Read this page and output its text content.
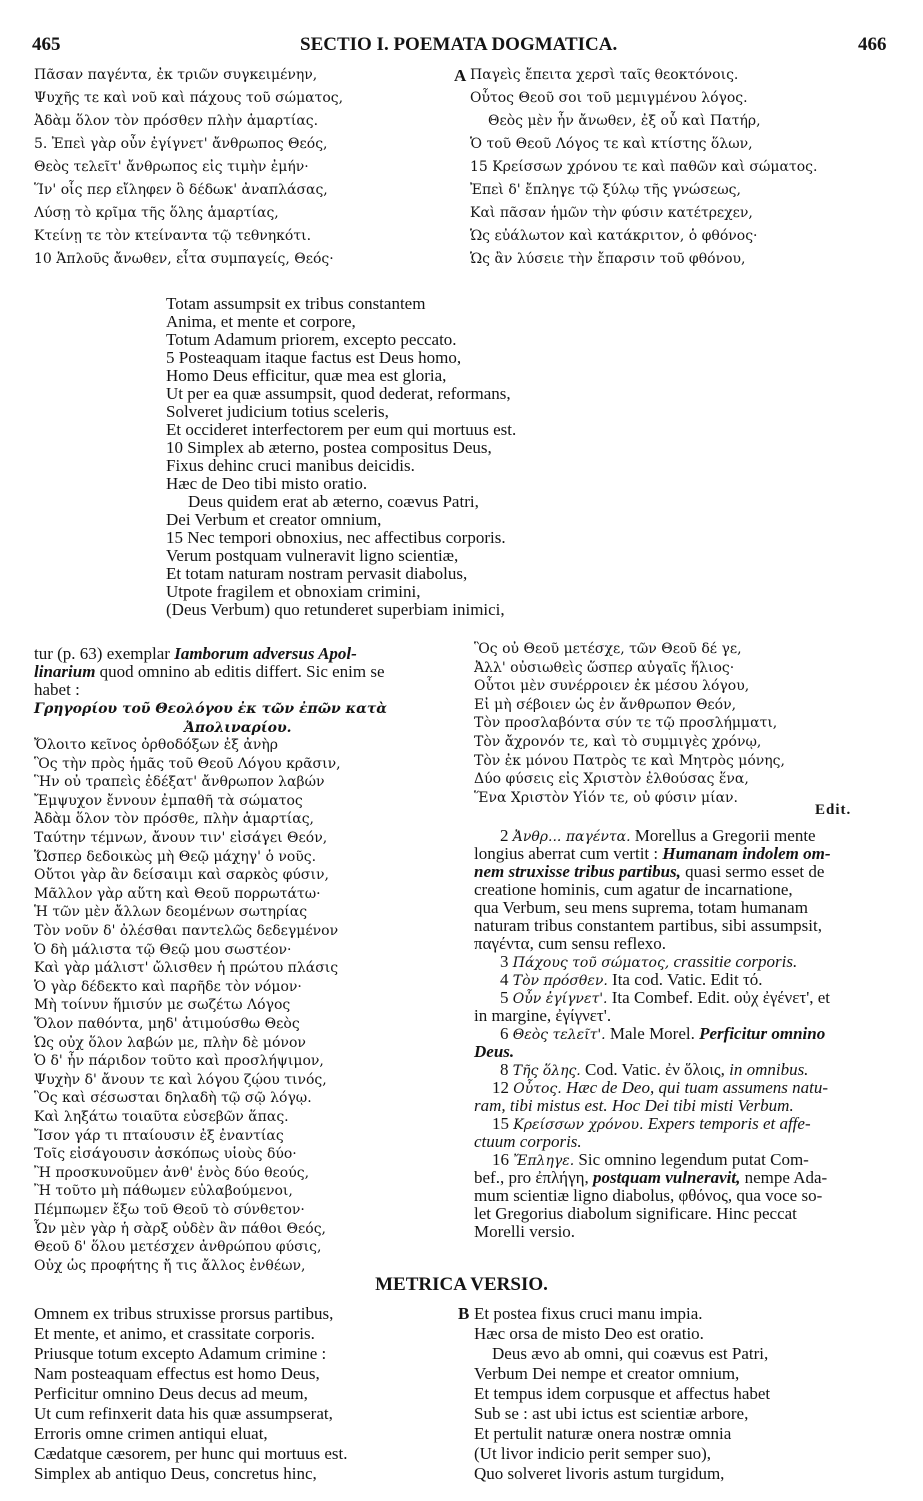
465	SECTIO I. POEMATA DOGMATICA.	466
Πᾶσαν παγέντα, ἐκ τριῶν συγκειμένην,
Ψυχῆς τε καὶ νοῦ καὶ πάχους τοῦ σώματος,
Ἀδὰμ ὅλον τὸν πρόσθεν πλὴν ἁμαρτίας.
5. Ἐπεὶ γὰρ οὖν ἐγίγνετ' ἄνθρωπος Θεός,
Θεὸς τελεῖτ' ἄνθρωπος εἰς τιμὴν ἐμήν·
Ἵν' οἷς περ εἴληφεν ὃ δέδωκ' ἀναπλάσας,
Λύσῃ τὸ κρῖμα τῆς ὅλης ἁμαρτίας,
Κτείνῃ τε τὸν κτείναντα τῷ τεθνηκότι.
10 Ἁπλοῦς ἄνωθεν, εἶτα συμπαγείς, Θεός·
A Παγεὶς ἔπειτα χερσὶ ταῖς θεοκτόνοις.
Οὗτος Θεοῦ σοι τοῦ μεμιγμένου λόγος.
Θεὸς μὲν ἦν ἄνωθεν, ἐξ οὗ καὶ Πατήρ,
Ὁ τοῦ Θεοῦ Λόγος τε καὶ κτίστης ὅλων,
15 Κρείσσων χρόνου τε καὶ παθῶν καὶ σώματος.
Ἐπεὶ δ' ἔπληγε τῷ ξύλῳ τῆς γνώσεως,
Καὶ πᾶσαν ἡμῶν τὴν φύσιν κατέτρεχεν,
Ὡς εὐάλωτον καὶ κατάκριτον, ὁ φθόνος·
Ὡς ἂν λύσειε τὴν ἔπαρσιν τοῦ φθόνου,
Totam assumpsit ex tribus constantem
Anima, et mente et corpore,
Totum Adamum priorem, excepto peccato.
5 Posteaquam itaque factus est Deus homo,
Homo Deus efficitur, quæ mea est gloria,
Ut per ea quæ assumpsit, quod dederat, reformans,
Solveret judicium totius sceleris,
Et occideret interfectorem per eum qui mortuus est.
10 Simplex ab æterno, postea compositus Deus,
Fixus dehinc cruci manibus deicidis.
Hæc de Deo tibi misto oratio.
Deus quidem erat ab æterno, coævus Patri,
Dei Verbum et creator omnium,
15 Nec tempori obnoxius, nec affectibus corporis.
Verum postquam vulneravit ligno scientiæ,
Et totam naturam nostram pervasit diabolus,
Utpote fragilem et obnoxiam crimini,
(Deus Verbum) quo retunderet superbiam inimici,
tur (p. 63) exemplar Iamborum adversus Apol-
linarium quod omnino ab editis differt. Sic enim se
habet :
Γρηγορίου τοῦ Θεολόγου ἐκ τῶν ἐπῶν κατὰ
Ἀπολιναρίου.
Ὄλοιτο κεῖνος ὀρθοδόξων ἐξ ἀνὴρ
Ὃς τὴν πρὸς ἡμᾶς τοῦ Θεοῦ Λόγου κρᾶσιν,
Ἣν οὐ τραπεὶς ἐδέξατ' ἄνθρωπον λαβών
Ἔμψυχον ἔννουν ἐμπαθῆ τὰ σώματος
Ἀδὰμ ὅλον τὸν πρόσθε, πλὴν ἁμαρτίας,
Ταύτην τέμνων, ἄνουν τιν' εἰσάγει Θεόν,
Ὥσπερ δεδοικὼς μὴ Θεῷ μάχηγ' ὁ νοῦς.
Οὔτοι γὰρ ἂν δείσαιμι καὶ σαρκὸς φύσιν,
Μᾶλλον γὰρ αὕτη καὶ Θεοῦ πορρωτάτω·
Ἡ τῶν μὲν ἄλλων δεομένων σωτηρίας
Τὸν νοῦν δ' ὀλέσθαι παντελῶς δεδεγμένον
Ὁ δὴ μάλιστα τῷ Θεῷ μου σωστέον·
Καὶ γὰρ μάλιστ' ὤλισθεν ἡ πρώτου πλάσις
Ὁ γὰρ δέδεκτο καὶ παρῆδε τὸν νόμον·
Μὴ τοίνυν ἥμισύν με σωζέτω Λόγος
Ὅλον παθόντα, μηδ' ἀτιμούσθω Θεὸς
Ὡς οὐχ ὅλον λαβών με, πλὴν δὲ μόνον
Ὁ δ' ἦν πάριδον τοῦτο καὶ προσλήψιμον,
Ψυχὴν δ' ἄνουν τε καὶ λόγου ζῴου τινός,
Ὃς καὶ σέσωσται δηλαδὴ τῷ σῷ λόγῳ.
Καὶ ληξάτω τοιαῦτα εὐσεβῶν ἅπας.
Ἴσον γάρ τι πταίουσιν ἐξ ἐναντίας
Τοῖς εἰσάγουσιν ἀσκόπως υἱοὺς δύο·
Ἢ προσκυνοῦμεν ἀνθ' ἑνὸς δύο θεούς,
Ἢ τοῦτο μὴ πάθωμεν εὐλαβούμενοι,
Πέμπωμεν ἔξω τοῦ Θεοῦ τὸ σύνθετον·
Ὧν μὲν γὰρ ἡ σὰρξ οὐδὲν ἂν πάθοι Θεός,
Θεοῦ δ' ὅλου μετέσχεν ἀνθρώπου φύσις,
Οὐχ ὡς προφήτης ἤ τις ἄλλος ἐνθέων,
Ὃς οὐ Θεοῦ μετέσχε, τῶν Θεοῦ δέ γε,
Ἀλλ' οὐσιωθεὶς ὥσπερ αὐγαῖς ἥλιος·
Οὗτοι μὲν συνέρροιεν ἐκ μέσου λόγου,
Εἰ μὴ σέβοιεν ὡς ἐν ἄνθρωπον Θεόν,
Τὸν προσλαβόντα σύν τε τῷ προσλήμματι,
Τὸν ἄχρονόν τε, καὶ τὸ συμμιγὲς χρόνῳ,
Τὸν ἐκ μόνου Πατρὸς τε καὶ Μητρὸς μόνης,
Δύο φύσεις εἰς Χριστὸν ἐλθούσας ἕνα,
Ἕνα Χριστὸν Υἱόν τε, οὐ φύσιν μίαν.
Edit.
2 Ἀνθρ... παγέντα. Morellus a Gregorii mente
longius aberrat cum vertit : Humanam indolem om-
nem struxisse tribus partibus, quasi sermo esset de
creatione hominis, cum agatur de incarnatione,
qua Verbum, seu mens suprema, totam humanam
naturam tribus constantem partibus, sibi assumpsit,
παγέντα, cum sensu reflexo.
3 Πάχους τοῦ σώματος, crassitie corporis.
4 Τὸν πρόσθεν. Ita cod. Vatic. Edit τό.
5 Οὖν ἐγίγνετ'. Ita Combef. Edit. οὐχ ἐγένετ', et
in margine, ἐγίγνετ'.
6 Θεὸς τελεῖτ'. Male Morel. Perficitur omnino
Deus.
8 Τῆς ὅλης. Cod. Vatic. ἐν ὅλοις, in omnibus.
12 Οὗτος. Hæc de Deo, qui tuam assumens natu-
ram, tibi mistus est. Hoc Dei tibi misti Verbum.
15 Κρείσσων χρόνου. Expers temporis et affe-
ctuum corporis.
16 Ἔπληγε. Sic omnino legendum putat Com-
bef., pro ἐπλήγη, postquam vulneravit, nempe Ada-
mum scientiæ ligno diabolus, φθόνος, qua voce so-
let Gregorius diabolum significare. Hinc peccat
Morelli versio.
METRICA VERSIO.
Omnem ex tribus struxisse prorsus partibus,
Et mente, et animo, et crassitate corporis.
Priusque totum excepto Adamum crimine :
Nam posteaquam effectus est homo Deus,
Perficitur omnino Deus decus ad meum,
Ut cum refinxerit data his quæ assumpserat,
Erroris omne crimen antiqui eluat,
Cædatque cæsorem, per hunc qui mortuus est.
Simplex ab antiquo Deus, concretus hinc,
B Et postea fixus cruci manu impia.
Hæc orsa de misto Deo est oratio.
Deus ævo ab omni, qui coævus est Patri,
Verbum Dei nempe et creator omnium,
Et tempus idem corpusque et affectus habet
Sub se : ast ubi ictus est scientiæ arbore,
Et pertulit naturæ onera nostræ omnia
(Ut livor indicio perit semper suo),
Quo solveret livoris astum turgidum,
